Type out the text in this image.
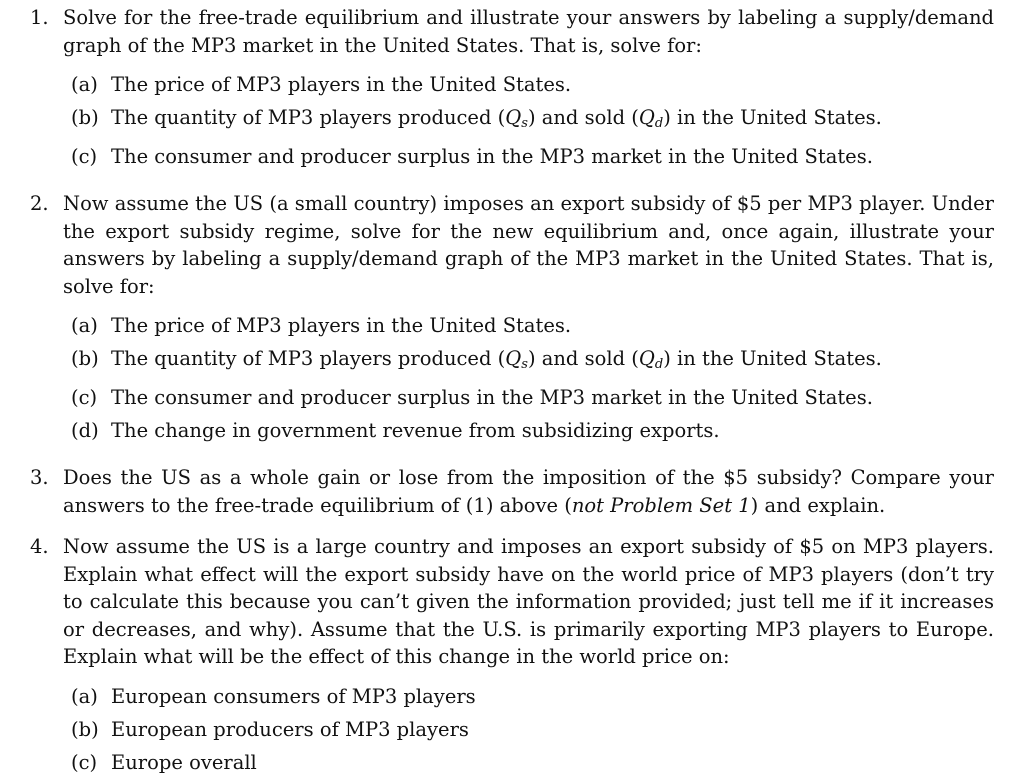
1. Solve for the free-trade equilibrium and illustrate your answers by labeling a supply/demand graph of the MP3 market in the United States. That is, solve for:
(a) The price of MP3 players in the United States.
(b) The quantity of MP3 players produced $(Q_s)$ and sold $(Q_d)$ in the United States.
(c) The consumer and producer surplus in the MP3 market in the United States.
2. Now assume the US (a small country) imposes an export subsidy of $5 per MP3 player. Under the export subsidy regime, solve for the new equilibrium and, once again, illustrate your answers by labeling a supply/demand graph of the MP3 market in the United States. That is, solve for:
(a) The price of MP3 players in the United States.
(b) The quantity of MP3 players produced $(Q_s)$ and sold $(Q_d)$ in the United States.
(c) The consumer and producer surplus in the MP3 market in the United States.
(d) The change in government revenue from subsidizing exports.
3. Does the US as a whole gain or lose from the imposition of the $5 subsidy? Compare your answers to the free-trade equilibrium of (1) above (not Problem Set 1) and explain.
4. Now assume the US is a large country and imposes an export subsidy of $5 on MP3 players. Explain what effect will the export subsidy have on the world price of MP3 players (don’t try to calculate this because you can’t given the information provided; just tell me if it increases or decreases, and why). Assume that the U.S. is primarily exporting MP3 players to Europe. Explain what will be the effect of this change in the world price on:
(a) European consumers of MP3 players
(b) European producers of MP3 players
(c) Europe overall
